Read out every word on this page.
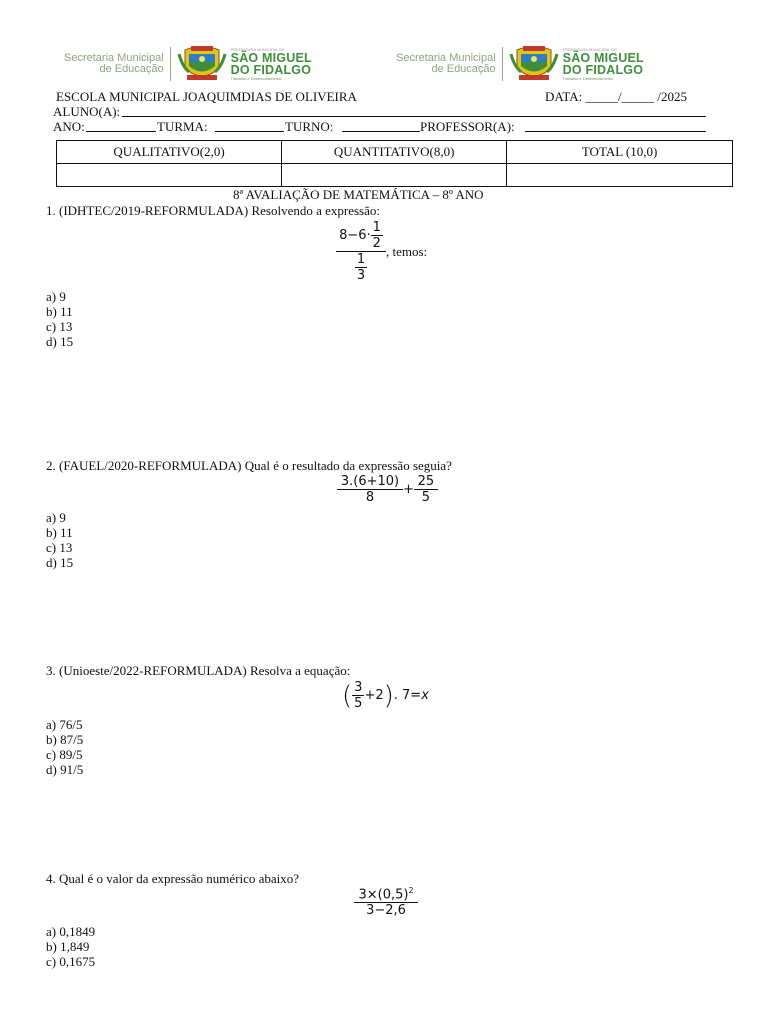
Secretaria Municipal
de Educação
PREFEITURA MUNICIPAL DE
SÃO MIGUEL
DO FIDALGO
Trabalho e Desenvolvimento
Secretaria Municipal
de Educação
PREFEITURA MUNICIPAL DE
SÃO MIGUEL
DO FIDALGO
Trabalho e Desenvolvimento
ESCOLA MUNICIPAL JOAQUIMDIAS DE OLIVEIRA	DATA: _____/_____ /2025
ALUNO(A):
ANO:	TURMA:	TURNO:	PROFESSOR(A):
QUALITATIVO(2,0)	QUANTITATIVO(8,0)	TOTAL (10,0)

8ª AVALIAÇÃO DE MATEMÁTICA – 8º ANO
1. (IDHTEC/2019-REFORMULADA) Resolvendo a expressão:
$\frac{8-6\cdot \frac{1}{2}}{\frac{1}{3}}$ , temos:
a) 9
b) 11
c) 13
d) 15
2. (FAUEL/2020-REFORMULADA) Qual é o resultado da expressão seguia?
$\frac{3.(6+10)}{8} + \frac{25}{5}$
a) 9
b) 11
c) 13
d) 15
3. (Unioeste/2022-REFORMULADA) Resolva a equação:
( $\frac{3}{5} +2$ ) . 7= x
a) 76/5
b) 87/5
c) 89/5
d) 91/5
4. Qual é o valor da expressão numérico abaixo?
$\frac{3\times(0,5)^2}{3-2,6}$
a) 0,1849
b) 1,849
c) 0,1675
